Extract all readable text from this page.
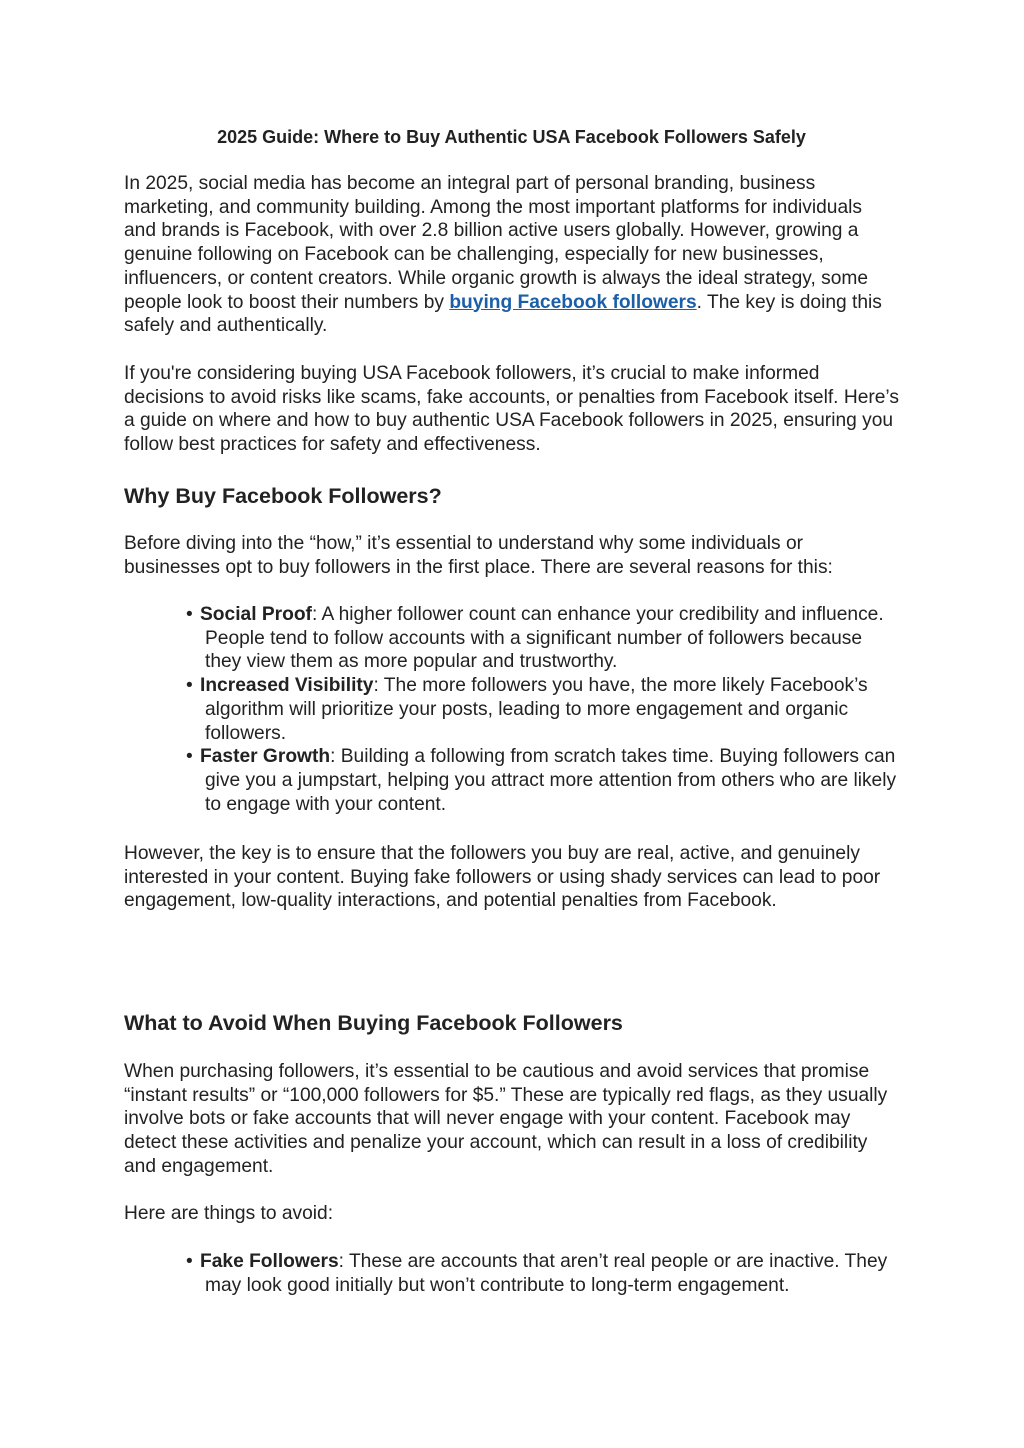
2025 Guide: Where to Buy Authentic USA Facebook Followers Safely

In 2025, social media has become an integral part of personal branding, business marketing, and community building. Among the most important platforms for individuals and brands is Facebook, with over 2.8 billion active users globally. However, growing a genuine following on Facebook can be challenging, especially for new businesses, influencers, or content creators. While organic growth is always the ideal strategy, some people look to boost their numbers by buying Facebook followers. The key is doing this safely and authentically.

If you're considering buying USA Facebook followers, it’s crucial to make informed decisions to avoid risks like scams, fake accounts, or penalties from Facebook itself. Here’s a guide on where and how to buy authentic USA Facebook followers in 2025, ensuring you follow best practices for safety and effectiveness.

Why Buy Facebook Followers?

Before diving into the “how,” it’s essential to understand why some individuals or businesses opt to buy followers in the first place. There are several reasons for this:

• Social Proof: A higher follower count can enhance your credibility and influence. People tend to follow accounts with a significant number of followers because they view them as more popular and trustworthy.
• Increased Visibility: The more followers you have, the more likely Facebook’s algorithm will prioritize your posts, leading to more engagement and organic followers.
• Faster Growth: Building a following from scratch takes time. Buying followers can give you a jumpstart, helping you attract more attention from others who are likely to engage with your content.

However, the key is to ensure that the followers you buy are real, active, and genuinely interested in your content. Buying fake followers or using shady services can lead to poor engagement, low-quality interactions, and potential penalties from Facebook.

What to Avoid When Buying Facebook Followers

When purchasing followers, it’s essential to be cautious and avoid services that promise “instant results” or “100,000 followers for $5.” These are typically red flags, as they usually involve bots or fake accounts that will never engage with your content. Facebook may detect these activities and penalize your account, which can result in a loss of credibility and engagement.

Here are things to avoid:

• Fake Followers: These are accounts that aren’t real people or are inactive. They may look good initially but won’t contribute to long-term engagement.
